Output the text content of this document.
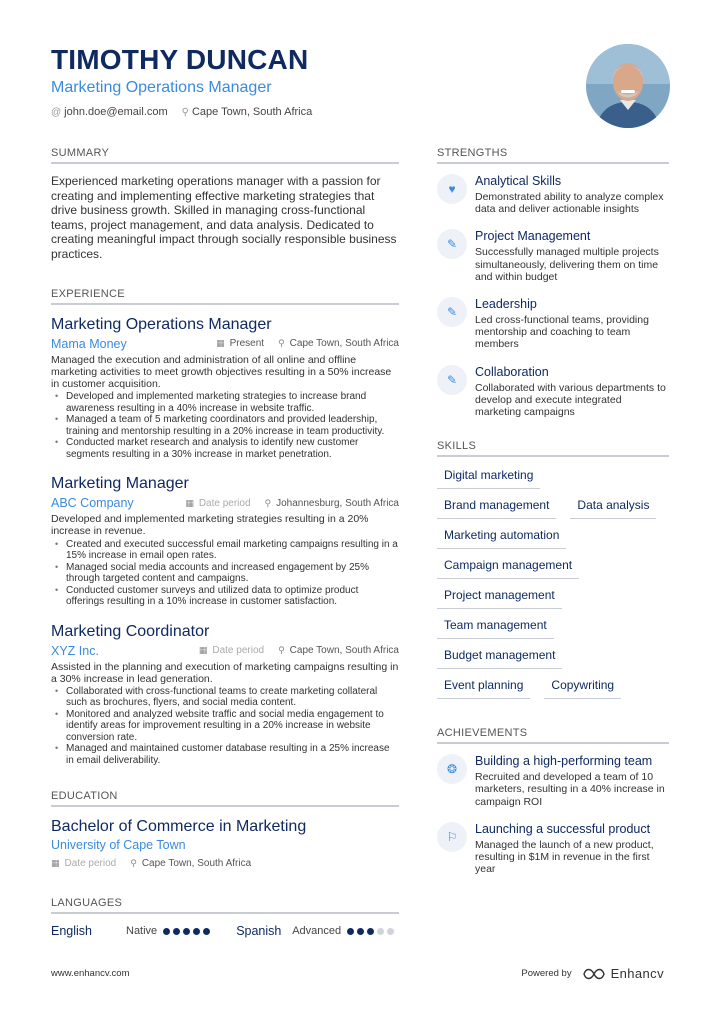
TIMOTHY DUNCAN
Marketing Operations Manager
@ john.doe@email.com ⚲ Cape Town, South Africa
SUMMARY
Experienced marketing operations manager with a passion for creating and implementing effective marketing strategies that drive business growth. Skilled in managing cross-functional teams, project management, and data analysis. Dedicated to creating meaningful impact through socially responsible business practices.
EXPERIENCE
Marketing Operations Manager
Mama Money	▦ Present ⚲ Cape Town, South Africa
Managed the execution and administration of all online and offline marketing activities to meet growth objectives resulting in a 50% increase in customer acquisition.
• Developed and implemented marketing strategies to increase brand awareness resulting in a 40% increase in website traffic.
• Managed a team of 5 marketing coordinators and provided leadership, training and mentorship resulting in a 20% increase in team productivity.
• Conducted market research and analysis to identify new customer segments resulting in a 30% increase in market penetration.
Marketing Manager
ABC Company	▦ Date period ⚲ Johannesburg, South Africa
Developed and implemented marketing strategies resulting in a 20% increase in revenue.
• Created and executed successful email marketing campaigns resulting in a 15% increase in email open rates.
• Managed social media accounts and increased engagement by 25% through targeted content and campaigns.
• Conducted customer surveys and utilized data to optimize product offerings resulting in a 10% increase in customer satisfaction.
Marketing Coordinator
XYZ Inc.	▦ Date period ⚲ Cape Town, South Africa
Assisted in the planning and execution of marketing campaigns resulting in a 30% increase in lead generation.
• Collaborated with cross-functional teams to create marketing collateral such as brochures, flyers, and social media content.
• Monitored and analyzed website traffic and social media engagement to identify areas for improvement resulting in a 20% increase in website conversion rate.
• Managed and maintained customer database resulting in a 25% increase in email deliverability.
EDUCATION
Bachelor of Commerce in Marketing
University of Cape Town
▦ Date period ⚲ Cape Town, South Africa
LANGUAGES
English	Native	Spanish Advanced
STRENGTHS
♥
Analytical Skills
Demonstrated ability to analyze complex data and deliver actionable insights
✎
Project Management
Successfully managed multiple projects simultaneously, delivering them on time and within budget
✎
Leadership
Led cross-functional teams, providing mentorship and coaching to team members
✎
Collaboration
Collaborated with various departments to develop and execute integrated marketing campaigns
SKILLS
Digital marketing
Brand management	Data analysis
Marketing automation
Campaign management
Project management
Team management
Budget management
Event planning	Copywriting
ACHIEVEMENTS
❂
Building a high-performing team
Recruited and developed a team of 10 marketers, resulting in a 40% increase in campaign ROI
⚐
Launching a successful product
Managed the launch of a new product, resulting in $1M in revenue in the first year
www.enhancv.com	Powered by	Enhancv
